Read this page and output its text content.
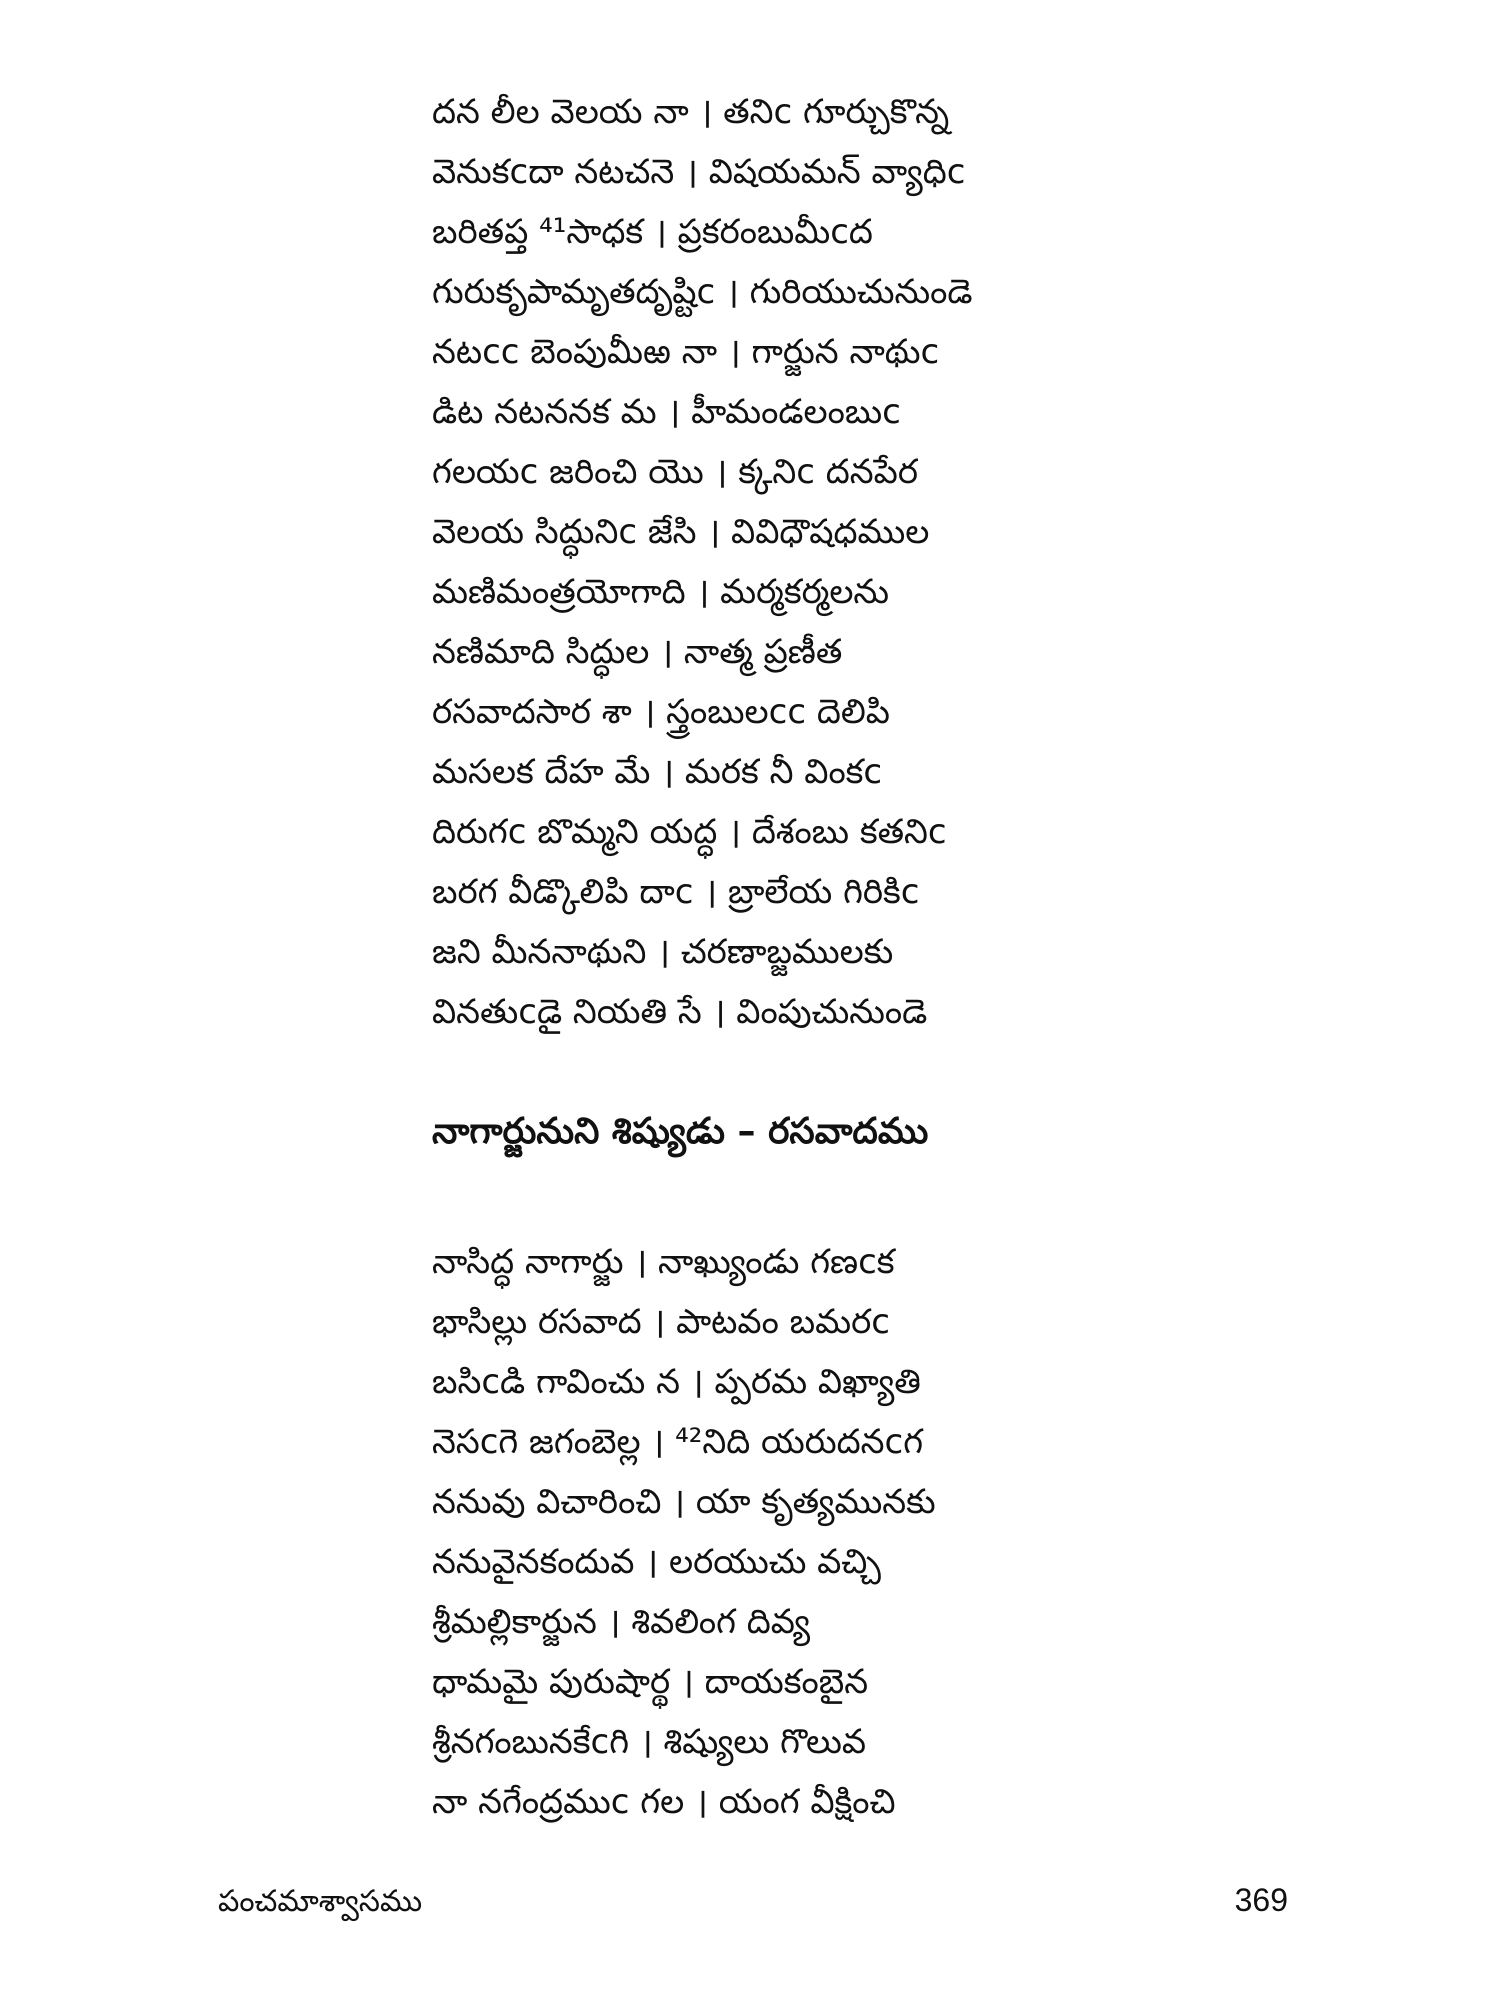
దన లీల వెలయ నా । తనిc గూర్చుకొన్న
వెనుకcదా నటచనె । విషయమన్ వ్యాధిc
బరితప్త ⁴¹సాధక । ప్రకరంబుమీcద
గురుకృపామృతదృష్టిc । గురియుచునుండె
నటcc బెంపుమీఱ నా । గార్జున నాథుc
డిట నటననక మ । హీమండలంబుc
గలయc జరించి యొ । క్కనిc దనపేర
వెలయ సిద్ధునిc జేసి । వివిధౌషధముల
మణిమంత్రయోగాది । మర్మకర్మలను
నణిమాది సిద్ధుల । నాత్మ ప్రణీత
రసవాదసార శా । స్త్రంబులcc దెలిపి
మసలక దేహ మే । మరక నీ వింకc
దిరుగc బొమ్మని యద్ధ । దేశంబు కతనిc
బరగ వీడ్కొలిపి దాc । బ్రాలేయ గిరికిc
జని మీననాథుని । చరణాబ్జములకు
వినతుcడై నియతి సే । వింపుచునుండె
నాగార్జునుని శిష్యుడు – రసవాదము
నాసిద్ధ నాగార్జు । నాఖ్యుండు గణcక
భాసిల్లు రసవాద । పాటవం బమరc
బసిcడి గావించు న । ప్పరమ విఖ్యాతి
నెసcగె జగంబెల్ల । ⁴²నిది యరుదనcగ
ననువు విచారించి । యా కృత్యమునకు
ననువైనకందువ । లరయుచు వచ్చి
శ్రీమల్లికార్జున । శివలింగ దివ్య
ధామమై పురుషార్థ । దాయకంబైన
శ్రీనగంబునకేcగి । శిష్యులు గొలువ
నా నగేంద్రముc గల । యంగ వీక్షించి
పంచమాశ్వాసము	369
